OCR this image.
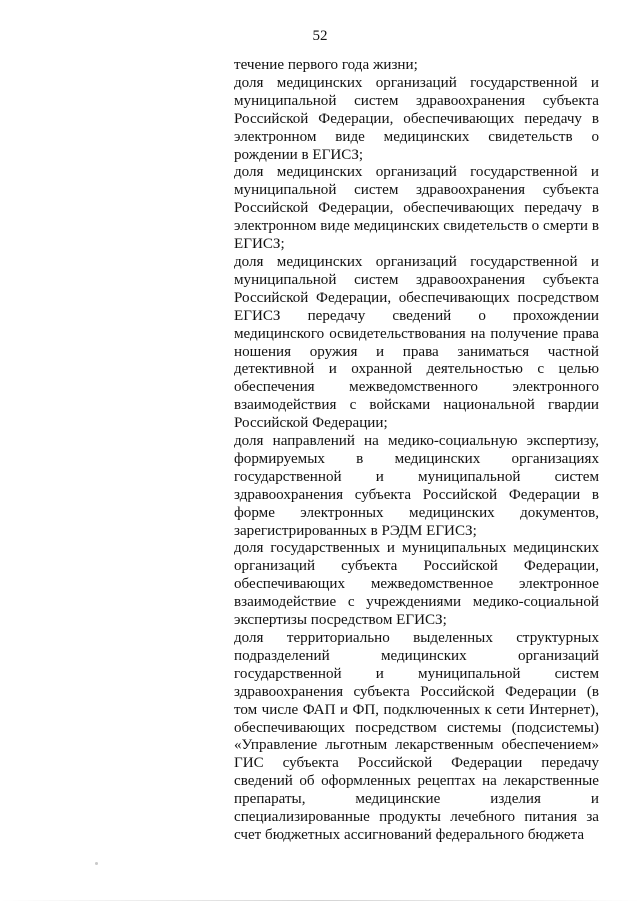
52

течение первого года жизни;

доля медицинских организаций государственной и муниципальной систем здравоохранения субъекта Российской Федерации, обеспечивающих передачу в электронном виде медицинских свидетельств о рождении в ЕГИСЗ;

доля медицинских организаций государственной и муниципальной систем здравоохранения субъекта Российской Федерации, обеспечивающих передачу в электронном виде медицинских свидетельств о смерти в ЕГИСЗ;

доля медицинских организаций государственной и муниципальной систем здравоохранения субъекта Российской Федерации, обеспечивающих посредством ЕГИСЗ передачу сведений о прохождении медицинского освидетельствования на получение права ношения оружия и права заниматься частной детективной и охранной деятельностью с целью обеспечения межведомственного электронного взаимодействия с войсками национальной гвардии Российской Федерации;

доля направлений на медико-социальную экспертизу, формируемых в медицинских организациях государственной и муниципальной систем здравоохранения субъекта Российской Федерации в форме электронных медицинских документов, зарегистрированных в РЭДМ ЕГИСЗ;

доля государственных и муниципальных медицинских организаций субъекта Российской Федерации, обеспечивающих межведомственное электронное взаимодействие с учреждениями медико-социальной экспертизы посредством ЕГИСЗ;

доля территориально выделенных структурных подразделений медицинских организаций государственной и муниципальной систем здравоохранения субъекта Российской Федерации (в том числе ФАП и ФП, подключенных к сети Интернет), обеспечивающих посредством системы (подсистемы) «Управление льготным лекарственным обеспечением» ГИС субъекта Российской Федерации передачу сведений об оформленных рецептах на лекарственные препараты, медицинские изделия и специализированные продукты лечебного питания за счет бюджетных ассигнований федерального бюджета
